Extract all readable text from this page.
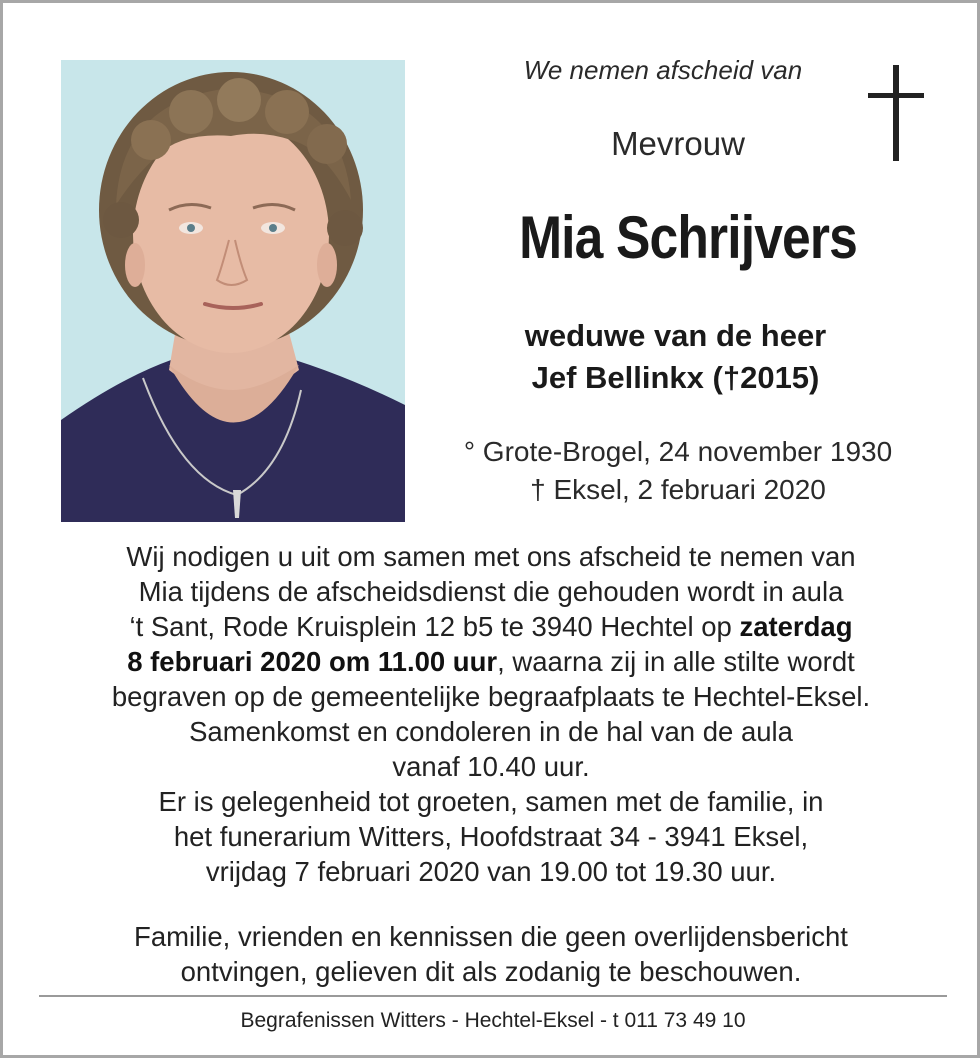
We nemen afscheid van
Mevrouw
Mia Schrijvers
weduwe van de heer
Jef Bellinkx (†2015)
° Grote-Brogel, 24 november 1930
† Eksel, 2 februari 2020
Wij nodigen u uit om samen met ons afscheid te nemen van
Mia tijdens de afscheidsdienst die gehouden wordt in aula
‘t Sant, Rode Kruisplein 12 b5 te 3940 Hechtel op zaterdag
8 februari 2020 om 11.00 uur, waarna zij in alle stilte wordt
begraven op de gemeentelijke begraafplaats te Hechtel-Eksel.
Samenkomst en condoleren in de hal van de aula
vanaf 10.40 uur.
Er is gelegenheid tot groeten, samen met de familie, in
het funerarium Witters, Hoofdstraat 34 - 3941 Eksel,
vrijdag 7 februari 2020 van 19.00 tot 19.30 uur.
Familie, vrienden en kennissen die geen overlijdensbericht
ontvingen, gelieven dit als zodanig te beschouwen.
Begrafenissen Witters - Hechtel-Eksel - t 011 73 49 10
